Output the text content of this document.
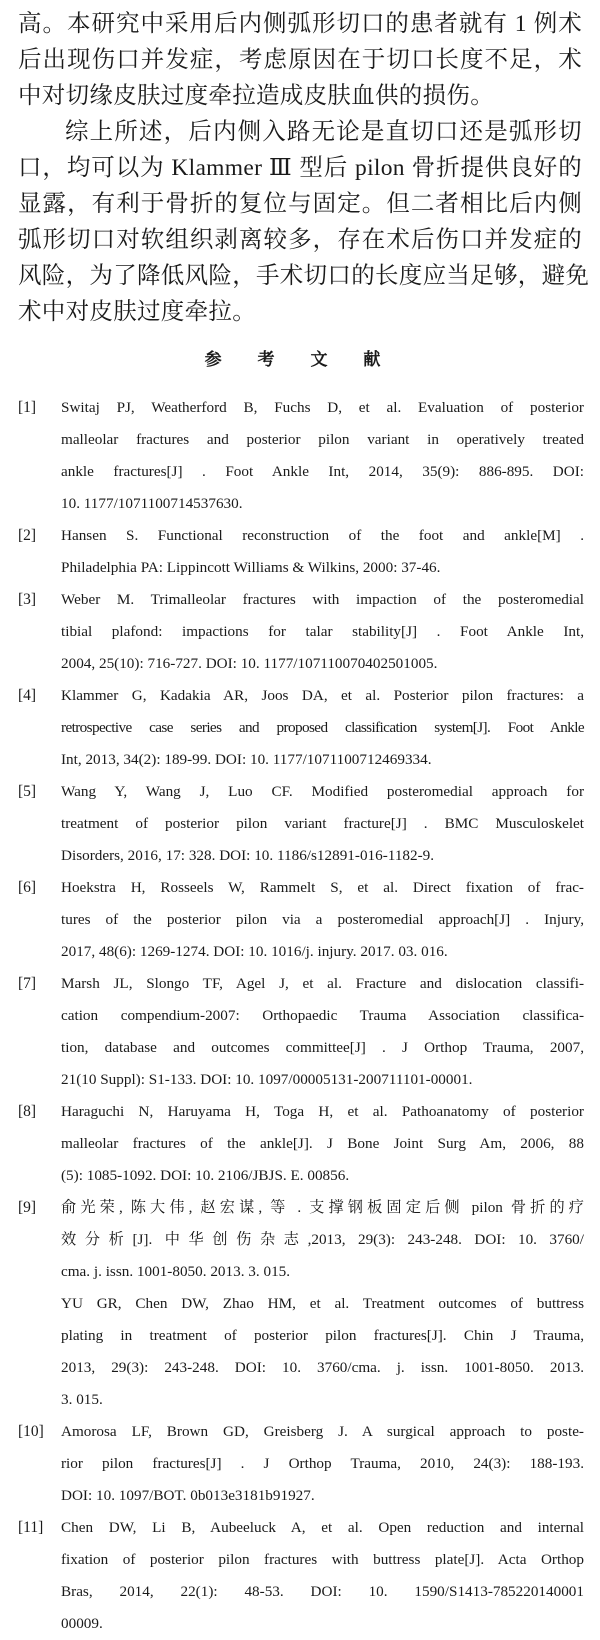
高。本研究中采用后内侧弧形切口的患者就有 1 例术
后出现伤口并发症，考虑原因在于切口长度不足，术
中对切缘皮肤过度牵拉造成皮肤血供的损伤。
综上所述，后内侧入路无论是直切口还是弧形切
口，均可以为 Klammer Ⅲ 型后 pilon 骨折提供良好的
显露，有利于骨折的复位与固定。但二者相比后内侧
弧形切口对软组织剥离较多，存在术后伤口并发症的
风险，为了降低风险，手术切口的长度应当足够，避免
术中对皮肤过度牵拉。
参 考 文 献
[1]	Switaj PJ, Weatherford B, Fuchs D, et al. Evaluation of posterior
malleolar fractures and posterior pilon variant in operatively treated
ankle fractures[J] . Foot Ankle Int, 2014, 35(9): 886-895. DOI:
10. 1177/1071100714537630.
[2]	Hansen S. Functional reconstruction of the foot and ankle[M] .
Philadelphia PA: Lippincott Williams & Wilkins, 2000: 37-46.
[3]	Weber M. Trimalleolar fractures with impaction of the posteromedial
tibial plafond: impactions for talar stability[J] . Foot Ankle Int,
2004, 25(10): 716-727. DOI: 10. 1177/107110070402501005.
[4]	Klammer G, Kadakia AR, Joos DA, et al. Posterior pilon fractures: a
retrospective case series and proposed classification system[J]. Foot Ankle
Int, 2013, 34(2): 189-99. DOI: 10. 1177/1071100712469334.
[5]	Wang Y, Wang J, Luo CF. Modified posteromedial approach for
treatment of posterior pilon variant fracture[J] . BMC Musculoskelet
Disorders, 2016, 17: 328. DOI: 10. 1186/s12891-016-1182-9.
[6]	Hoekstra H, Rosseels W, Rammelt S, et al. Direct fixation of frac-
tures of the posterior pilon via a posteromedial approach[J] . Injury,
2017, 48(6): 1269-1274. DOI: 10. 1016/j. injury. 2017. 03. 016.
[7]	Marsh JL, Slongo TF, Agel J, et al. Fracture and dislocation classifi-
cation compendium-2007: Orthopaedic Trauma Association classifica-
tion, database and outcomes committee[J] . J Orthop Trauma, 2007,
21(10 Suppl): S1-133. DOI: 10. 1097/00005131-200711101-00001.
[8]	Haraguchi N, Haruyama H, Toga H, et al. Pathoanatomy of posterior
malleolar fractures of the ankle[J]. J Bone Joint Surg Am, 2006, 88
(5): 1085-1092. DOI: 10. 2106/JBJS. E. 00856.
[9]	俞光荣, 陈大伟, 赵宏谋, 等 . 支撑钢板固定后侧 pilon 骨折的疗
效分析[J]. 中华创伤杂志,2013, 29(3): 243-248. DOI: 10. 3760/
cma. j. issn. 1001-8050. 2013. 3. 015.
YU GR, Chen DW, Zhao HM, et al. Treatment outcomes of buttress
plating in treatment of posterior pilon fractures[J]. Chin J Trauma,
2013, 29(3): 243-248. DOI: 10. 3760/cma. j. issn. 1001-8050. 2013.
3. 015.
[10]	Amorosa LF, Brown GD, Greisberg J. A surgical approach to poste-
rior pilon fractures[J] . J Orthop Trauma, 2010, 24(3): 188-193.
DOI: 10. 1097/BOT. 0b013e3181b91927.
[11]	Chen DW, Li B, Aubeeluck A, et al. Open reduction and internal
fixation of posterior pilon fractures with buttress plate[J]. Acta Orthop
Bras, 2014, 22(1): 48-53. DOI: 10. 1590/S1413-785220140001
00009.
